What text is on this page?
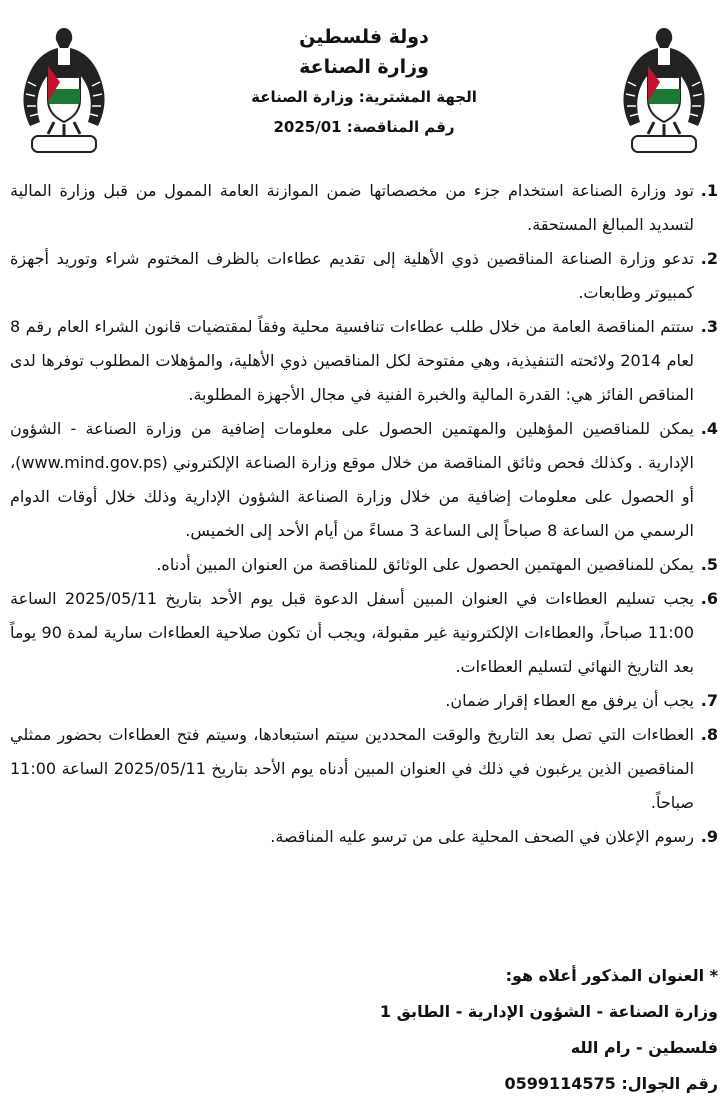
دولة فلسطين
وزارة الصناعة
الجهة المشترية: وزارة الصناعة
رقم المناقصة: 2025/01
1.
تود وزارة الصناعة استخدام جزء من مخصصاتها ضمن الموازنة العامة الممول من قبل وزارة المالية لتسديد المبالغ المستحقة.
2.
تدعو وزارة الصناعة المناقصين ذوي الأهلية إلى تقديم عطاءات بالظرف المختوم شراء وتوريد أجهزة كمبيوتر وطابعات.
3.
ستتم المناقصة العامة من خلال طلب عطاءات تنافسية محلية وفقاً لمقتضيات قانون الشراء العام رقم 8 لعام 2014 ولائحته التنفيذية، وهي مفتوحة لكل المناقصين ذوي الأهلية، والمؤهلات المطلوب توفرها لدى المناقص الفائز هي: القدرة المالية والخبرة الفنية في مجال الأجهزة المطلوبة.
4.
يمكن للمناقصين المؤهلين والمهتمين الحصول على معلومات إضافية من وزارة الصناعة - الشؤون الإدارية . وكذلك فحص وثائق المناقصة من خلال موقع وزارة الصناعة الإلكتروني (www.mind.gov.ps)، أو الحصول على معلومات إضافية من خلال وزارة الصناعة الشؤون الإدارية وذلك خلال أوقات الدوام الرسمي من الساعة 8 صباحاً إلى الساعة 3 مساءً من أيام الأحد إلى الخميس.
5.
يمكن للمناقصين المهتمين الحصول على الوثائق للمناقصة من العنوان المبين أدناه.
6.
يجب تسليم العطاءات في العنوان المبين أسفل الدعوة قبل يوم الأحد بتاريخ 2025/05/11 الساعة 11:00 صباحاً، والعطاءات الإلكترونية غير مقبولة، ويجب أن تكون صلاحية العطاءات سارية لمدة 90 يوماً بعد التاريخ النهائي لتسليم العطاءات.
7.
يجب أن يرفق مع العطاء إقرار ضمان.
8.
العطاءات التي تصل بعد التاريخ والوقت المحددين سيتم استبعادها، وسيتم فتح العطاءات بحضور ممثلي المناقصين الذين يرغبون في ذلك في العنوان المبين أدناه يوم الأحد بتاريخ 2025/05/11 الساعة 11:00 صباحاً.
9.
رسوم الإعلان في الصحف المحلية على من ترسو عليه المناقصة.
* العنوان المذكور أعلاه هو:
وزارة الصناعة - الشؤون الإدارية - الطابق 1
فلسطين - رام الله
رقم الجوال: 0599114575
